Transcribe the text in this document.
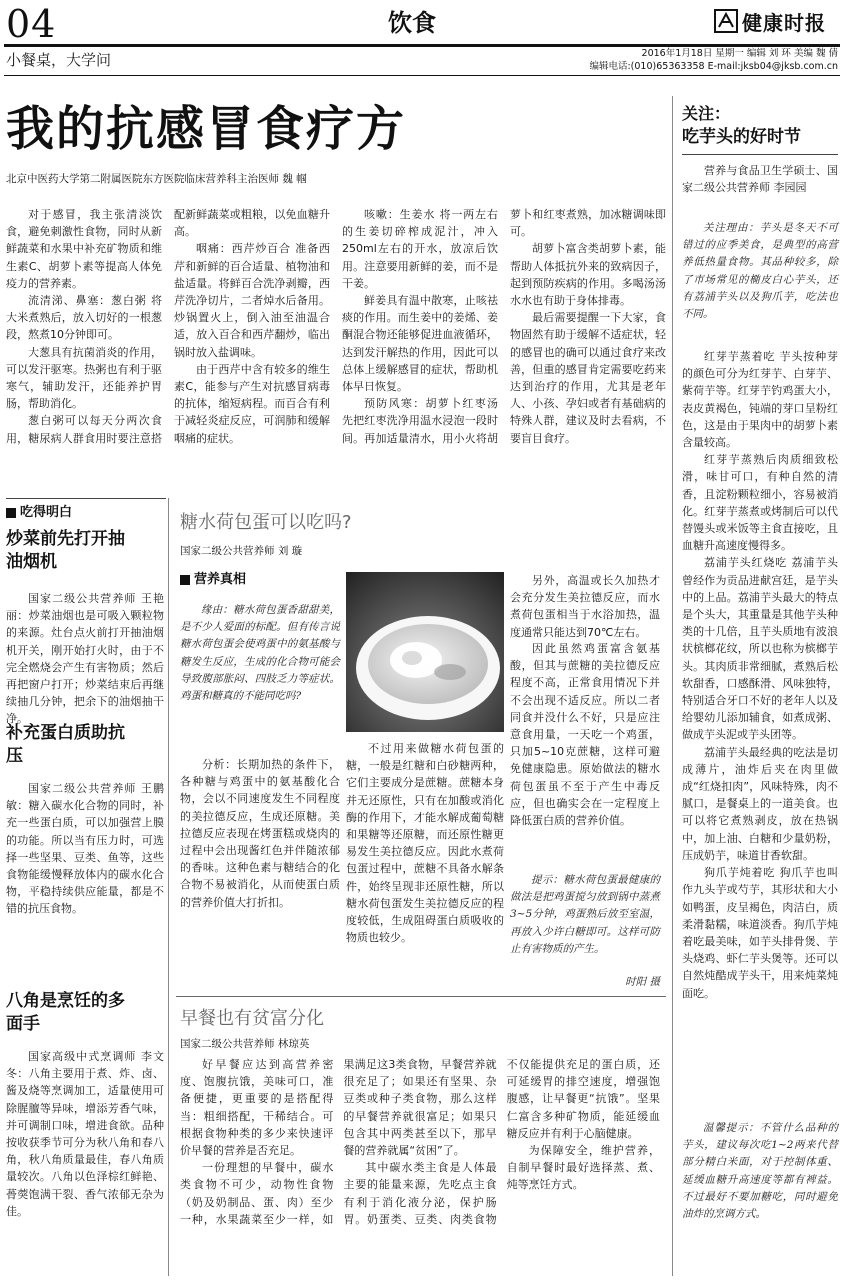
04	饮食	健康时报
小餐桌，大学问	2016年1月18日 星期一 编辑 刘 环 美编 魏 倩
编辑电话:(010)65363358 E-mail:jksb04@jksb.com.cn
我的抗感冒食疗方
北京中医药大学第二附属医院东方医院临床营养科主治医师 魏 帼

对于感冒，我主张清淡饮食，避免刺激性食物，同时从新鲜蔬菜和水果中补充矿物质和维生素C、胡萝卜素等提高人体免疫力的营养素。

流清涕、鼻塞：葱白粥 将大米煮熟后，放入切好的一根葱段，熬煮10分钟即可。

大葱具有抗菌消炎的作用，可以发汗驱寒。热粥也有利于驱寒气，辅助发汗，还能养护胃肠，帮助消化。

葱白粥可以每天分两次食用，糖尿病人群食用时要注意搭配新鲜蔬菜或粗粮，以免血糖升高。

咽痛：西芹炒百合 准备西芹和新鲜的百合适量、植物油和盐适量。将鲜百合洗净剥瓣，西芹洗净切片，二者焯水后备用。炒锅置火上，倒入油至油温合适，放入百合和西芹翻炒，临出锅时放入盐调味。

由于西芹中含有较多的维生素C，能参与产生对抗感冒病毒的抗体，缩短病程。而百合有利于减轻炎症反应，可润肺和缓解咽痛的症状。

咳嗽：生姜水 将一两左右的生姜切碎榨成泥汁，冲入250ml左右的开水，放凉后饮用。注意要用新鲜的姜，而不是干姜。

鲜姜具有温中散寒，止咳祛痰的作用。而生姜中的姜烯、姜酮混合物还能够促进血液循环，达到发汗解热的作用，因此可以总体上缓解感冒的症状，帮助机体早日恢复。

预防风寒：胡萝卜红枣汤 先把红枣洗净用温水浸泡一段时间。再加适量清水，用小火将胡萝卜和红枣煮熟，加冰糖调味即可。

胡萝卜富含类胡萝卜素，能帮助人体抵抗外来的致病因子，起到预防疾病的作用。多喝汤汤水水也有助于身体排毒。

最后需要提醒一下大家，食物固然有助于缓解不适症状，轻的感冒也的确可以通过食疗来改善，但重的感冒肯定需要吃药来达到治疗的作用，尤其是老年人、小孩、孕妇或者有基础病的特殊人群，建议及时去看病，不要盲目食疗。

吃得明白
炒菜前先打开抽油烟机
国家二级公共营养师 王艳丽：炒菜油烟也是可吸入颗粒物的来源。灶台点火前打开抽油烟机开关，刚开始打火时，由于不完全燃烧会产生有害物质；然后再把窗户打开；炒菜结束后再继续抽几分钟，把余下的油烟抽干净。
补充蛋白质助抗压
国家二级公共营养师 王鹏敏：糖入碳水化合物的同时，补充一些蛋白质，可以加强营上膜的功能。所以当有压力时，可选择一些坚果、豆类、鱼等，这些食物能缓慢释放体内的碳水化合物，平稳持续供应能量，都是不错的抗压食物。
八角是烹饪的多面手
国家高级中式烹调师 李文冬：八角主要用于煮、炸、卤、酱及烧等烹调加工，适量使用可除腥膻等异味，增添芳香气味，并可调制口味，增进食欲。品种按收获季节可分为秋八角和春八角，秋八角质量最佳，春八角质量较次。八角以色泽棕红鲜艳、蓇葖饱满干裂、香气浓郁无杂为佳。
糖水荷包蛋可以吃吗?
国家二级公共营养师 刘 璇
营养真相
缘由：糖水荷包蛋香甜甜美，是不少人爱面的标配。但有传言说糖水荷包蛋会使鸡蛋中的氨基酸与糖发生反应，生成的化合物可能会导致腹部胀闷、四肢乏力等症状。鸡蛋和糖真的不能同吃吗?
分析：长期加热的条件下，各种糖与鸡蛋中的氨基酸化合物，会以不同速度发生不同程度的美拉德反应，生成还原糖。美拉德反应表现在烤蛋糕或烧肉的过程中会出现酱红色并伴随浓郁的香味。这种色素与糖结合的化合物不易被消化，从而使蛋白质的营养价值大打折扣。
不过用来做糖水荷包蛋的糖，一般是红糖和白砂糖两种，它们主要成分是蔗糖。蔗糖本身并无还原性，只有在加酸或消化酶的作用下，才能水解成葡萄糖和果糖等还原糖，而还原性糖更易发生美拉德反应。因此水煮荷包蛋过程中，蔗糖不具备水解条件，始终呈现非还原性糖，所以糖水荷包蛋发生美拉德反应的程度较低，生成阻碍蛋白质吸收的物质也较少。
另外，高温或长久加热才会充分发生美拉德反应，而水煮荷包蛋相当于水浴加热，温度通常只能达到70℃左右。
因此虽然鸡蛋富含氨基酸，但其与蔗糖的美拉德反应程度不高，正常食用情况下并不会出现不适反应。所以二者同食并没什么不好，只是应注意食用量，一天吃一个鸡蛋，只加5~10克蔗糖，这样可避免健康隐患。原始做法的糖水荷包蛋虽不至于产生中毒反应，但也确实会在一定程度上降低蛋白质的营养价值。
提示：糖水荷包蛋最健康的做法是把鸡蛋搅匀放到锅中蒸煮3~5分钟，鸡蛋熟后放至室温，再放入少许白糖即可。这样可防止有害物质的产生。
时阳 摄
早餐也有贫富分化
国家二级公共营养师 林琼英

好早餐应达到高营养密度、饱腹抗饿，美味可口，准备便捷，更重要的是搭配得当：粗细搭配，干稀结合。可根据食物种类的多少来快速评价早餐的营养是否充足。

一份理想的早餐中，碳水类食物不可少，动物性食物（奶及奶制品、蛋、肉）至少一种，水果蔬菜至少一样，如果满足这3类食物，早餐营养就很充足了；如果还有坚果、杂豆类或种子类食物，那么这样的早餐营养就很富足；如果只包含其中两类甚至以下，那早餐的营养就属“贫困”了。

其中碳水类主食是人体最主要的能量来源，先吃点主食有利于消化液分泌，保护肠胃。奶蛋类、豆类、肉类食物不仅能提供充足的蛋白质，还可延缓胃的排空速度，增强饱腹感，让早餐更“抗饿”。坚果仁富含多种矿物质，能延缓血糖反应并有利于心脑健康。

为保障安全，维护营养，自制早餐时最好选择蒸、煮、炖等烹饪方式。

关注：
吃芋头的好时节
营养与食品卫生学硕士、国家二级公共营养师 李园园
关注理由：芋头是冬天不可错过的应季美食，是典型的高营养低热量食物。其品种较多，除了市场常见的椭皮白心芋头，还有荔浦芋头以及狗爪芋，吃法也不同。

红芽芋蒸着吃 芋头按种芽的颜色可分为红芽芋、白芽芋、紫荷芋等。红芽芋钓鸡蛋大小，表皮黄褐色，钝端的芽口呈粉红色，这是由于果肉中的胡萝卜素含量较高。

红芽芋蒸熟后肉质细致松滑，味甘可口，有种自然的清香，且淀粉颗粒细小，容易被消化。红芽芋蒸煮或烤制后可以代替馒头或米饭等主食直接吃，且血糖升高速度慢得多。

荔浦芋头红烧吃 荔浦芋头曾经作为贡品进献宫廷，是芋头中的上品。荔浦芋头最大的特点是个头大，其重量是其他芋头种类的十几倍，且芋头质地有波浪状槟榔花纹，所以也称为槟榔芋头。其肉质非常细腻，煮熟后松软甜香，口感酥滑、风味独特，特别适合牙口不好的老年人以及给婴幼儿添加辅食，如煮成粥、做成芋头泥或芋头团等。

荔浦芋头最经典的吃法是切成薄片，油炸后夹在肉里做成“红烧扣肉”，风味特殊，肉不腻口，是餐桌上的一道美食。也可以将它煮熟剥皮，放在热锅中，加上油、白糖和少量奶粉，压成奶芋，味道甘香软甜。

狗爪芋炖着吃 狗爪芋也叫作九头芋或芍芋，其形状和大小如鸭蛋，皮呈褐色，肉洁白，质柔滑黏糯，味道淡香。狗爪芋炖着吃最美味，如芋头排骨煲、芋头烧鸡、虾仁芋头煲等。还可以自然炖酷成芋头干，用来炖菜炖面吃。

温馨提示：不管什么品种的芋头，建议每次吃1~2两来代替部分精白米面，对于控制体重、延缓血糖升高速度等都有裨益。不过最好不要加糖吃，同时避免油炸的烹调方式。
